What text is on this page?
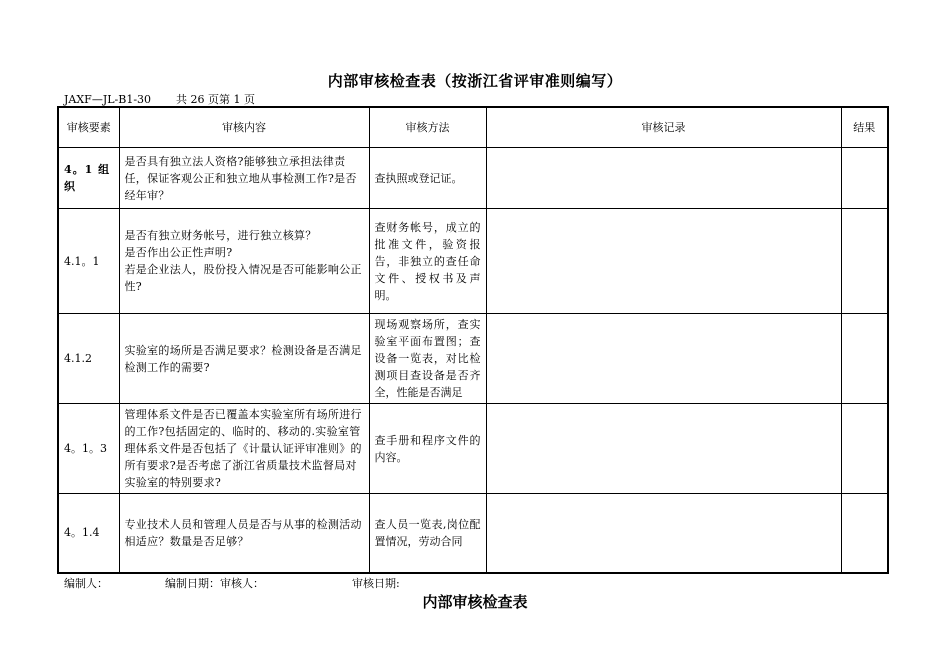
内部审核检查表（按浙江省评审准则编写）
JAXF—JL-B1-30 共 26 页第 1 页
审核要素	审核内容	审核方法	审核记录	结果
4。1 组织	是否具有独立法人资格?能够独立承担法律责任，保证客观公正和独立地从事检测工作?是否经年审？	查执照或登记证。		
4.1。1	是否有独立财务帐号，进行独立核算？
是否作出公正性声明?
若是企业法人，股份投入情况是否可能影响公正性?	查财务帐号，成立的批准文件，验资报告，非独立的查任命文件、授权书及声明。		
4.1.2	实验室的场所是否满足要求？检测设备是否满足检测工作的需要?	现场观察场所，查实验室平面布置图；查设备一览表，对比检测项目查设备是否齐全，性能是否满足		
4。1。3	管理体系文件是否已覆盖本实验室所有场所进行的工作?包括固定的、临时的、移动的.实验室管理体系文件是否包括了《计量认证评审准则》的所有要求?是否考虑了浙江省质量技术监督局对实验室的特别要求?	查手册和程序文件的内容。		
4。1.4	专业技术人员和管理人员是否与从事的检测活动相适应？数量是否足够？	查人员一览表,岗位配置情况，劳动合同		
编制人：	编制日期：审核人：	审核日期:
内部审核检查表
